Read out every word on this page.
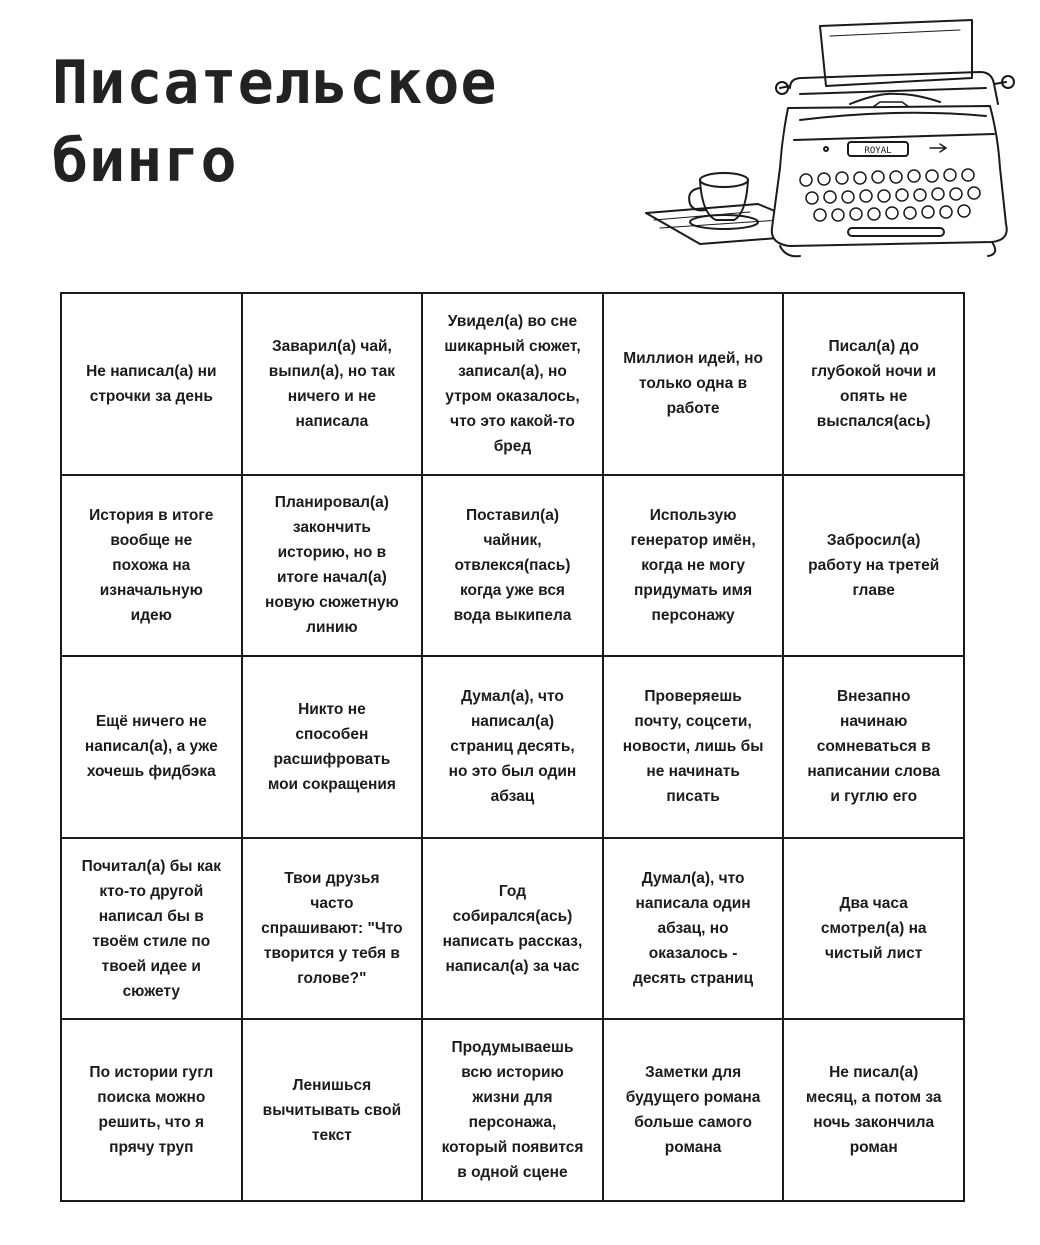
Писательское
бинго	ROYAL
Не написал(а) ни
строчки за день
Заварил(а) чай,
выпил(а), но так
ничего и не
написала
Увидел(а) во сне
шикарный сюжет,
записал(а), но
утром оказалось,
что это какой-то
бред
Миллион идей, но
только одна в
работе
Писал(а) до
глубокой ночи и
опять не
выспался(ась)
История в итоге
вообще не
похожа на
изначальную
идею
Планировал(а)
закончить
историю, но в
итоге начал(а)
новую сюжетную
линию
Поставил(а)
чайник,
отвлекся(пась)
когда уже вся
вода выкипела
Использую
генератор имён,
когда не могу
придумать имя
персонажу
Забросил(а)
работу на третей
главе
Ещё ничего не
написал(а), а уже
хочешь фидбэка
Никто не
способен
расшифровать
мои сокращения
Думал(а), что
написал(а)
страниц десять,
но это был один
абзац
Проверяешь
почту, соцсети,
новости, лишь бы
не начинать
писать
Внезапно
начинаю
сомневаться в
написании слова
и гуглю его
Почитал(а) бы как
кто-то другой
написал бы в
твоём стиле по
твоей идее и
сюжету
Твои друзья
часто
спрашивают: "Что
творится у тебя в
голове?"
Год
собирался(ась)
написать рассказ,
написал(а) за час
Думал(а), что
написала один
абзац, но
оказалось -
десять страниц
Два часа
смотрел(а) на
чистый лист
По истории гугл
поиска можно
решить, что я
прячу труп
Ленишься
вычитывать свой
текст
Продумываешь
всю историю
жизни для
персонажа,
который появится
в одной сцене
Заметки для
будущего романа
больше самого
романа
Не писал(а)
месяц, а потом за
ночь закончила
роман
